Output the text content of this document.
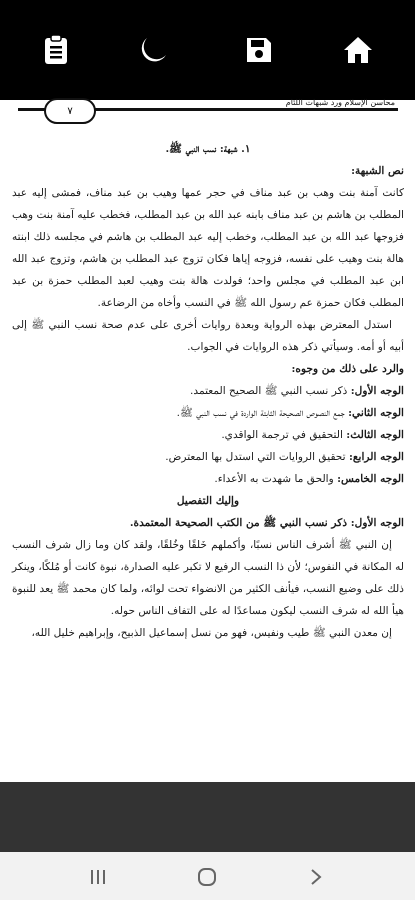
محاسن الإسلام ورد شبهات اللئام
٧

١. شبهة: نسب النبي ﷺ.

نص الشبهة:

كانت آمنة بنت وهب بن عبد مناف في حجر عمها وهيب بن عبد مناف، فمشى إليه عبد المطلب بن هاشم بن عبد مناف بابنه عبد الله بن عبد المطلب، فخطب عليه آمنة بنت وهب فزوجها عبد الله بن عبد المطلب، وخطب إليه عبد المطلب بن هاشم في مجلسه ذلك ابنته هالة بنت وهيب على نفسه، فزوجه إياها فكان تزوج عبد المطلب بن هاشم، وتزوج عبد الله ابن عبد المطلب في مجلس واحد؛ فولدت هالة بنت وهيب لعبد المطلب حمزة بن عبد المطلب فكان حمزة عم رسول الله ﷺ في النسب وأخاه من الرضاعة.

استدل المعترض بهذه الرواية وبعدة روايات أخرى على عدم صحة نسب النبي ﷺ إلى أبيه أو أمه. وسيأتي ذكر هذه الروايات في الجواب.

والرد على ذلك من وجوه:

الوجه الأول: ذكر نسب النبي ﷺ الصحيح المعتمد.

الوجه الثاني: جمع النصوص الصحيحة الثابتة الواردة في نسب النبي ﷺ.

الوجه الثالث: التحقيق في ترجمة الواقدي.

الوجه الرابع: تحقيق الروايات التي استدل بها المعترض.

الوجه الخامس: والحق ما شهدت به الأعداء.

وإليك التفصيل

الوجه الأول: ذكر نسب النبي ﷺ من الكتب الصحيحة المعتمدة.

إن النبي ﷺ أشرف الناس نسبًا، وأكملهم خَلقًا وخُلقًا، ولقد كان وما زال شرف النسب له المكانة في النفوس؛ لأن ذا النسب الرفيع لا تكبر عليه الصدارة، نبوة كانت أو مُلكًا، وينكر ذلك على وضيع النسب، فيأنف الكثير من الانضواء تحت لوائه، ولما كان محمد ﷺ يعد للنبوة هيأ الله له شرف النسب ليكون مساعدًا له على التفاف الناس حوله.

إن معدن النبي ﷺ طيب ونفيس، فهو من نسل إسماعيل الذبيح، وإبراهيم خليل الله،
